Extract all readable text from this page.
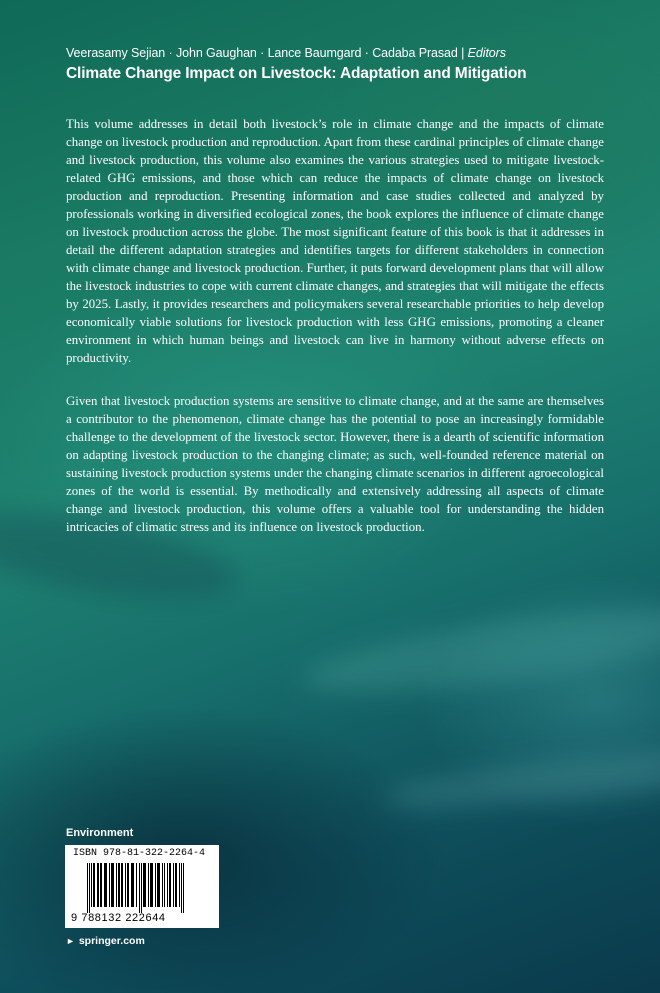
Veerasamy Sejian · John Gaughan · Lance Baumgard · Cadaba Prasad | Editors
Climate Change Impact on Livestock: Adaptation and Mitigation

This volume addresses in detail both livestock’s role in climate change and the impacts of climate change on livestock production and reproduction. Apart from these cardinal principles of climate change and livestock production, this volume also examines the various strategies used to mitigate livestock-related GHG emissions, and those which can reduce the impacts of climate change on livestock production and reproduction. Presenting information and case studies collected and analyzed by professionals working in diversified ecological zones, the book explores the influence of climate change on livestock production across the globe. The most significant feature of this book is that it addresses in detail the different adaptation strategies and identifies targets for different stakeholders in connection with climate change and livestock production. Further, it puts forward development plans that will allow the livestock industries to cope with current climate changes, and strategies that will mitigate the effects by 2025. Lastly, it provides researchers and policymakers several researchable priorities to help develop economically viable solutions for livestock production with less GHG emissions, promoting a cleaner environment in which human beings and livestock can live in harmony without adverse effects on productivity.

Given that livestock production systems are sensitive to climate change, and at the same are themselves a contributor to the phenomenon, climate change has the potential to pose an increasingly formidable challenge to the development of the livestock sector. However, there is a dearth of scientific information on adapting livestock production to the changing climate; as such, well-founded reference material on sustaining livestock production systems under the changing climate scenarios in different agroecological zones of the world is essential. By methodically and extensively addressing all aspects of climate change and livestock production, this volume offers a valuable tool for understanding the hidden intricacies of climatic stress and its influence on livestock production.

Environment
ISBN 978-81-322-2264-4
9 788132 222644
► springer.com
